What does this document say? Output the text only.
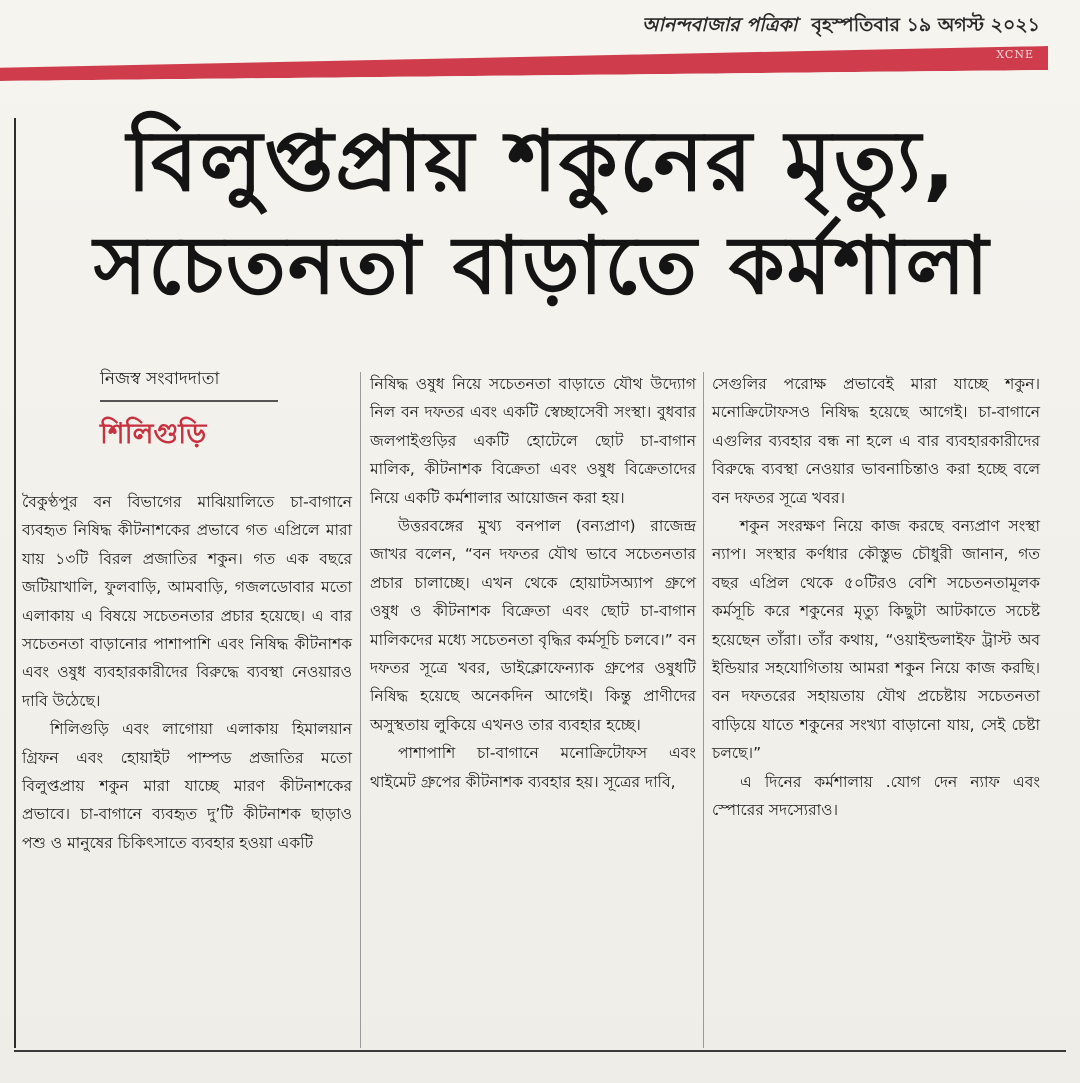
আনন্দবাজার পত্রিকা বৃহস্পতিবার ১৯ অগস্ট ২০২১
XCNE
বিলুপ্তপ্রায় শকুনের মৃত্যু,
সচেতনতা বাড়াতে কর্মশালা
নিজস্ব সংবাদদাতা
শিলিগুড়ি

বৈকুণ্ঠপুর বন বিভাগের মাঝিয়ালিতে চা-বাগানে ব্যবহৃত নিষিদ্ধ কীটনাশকের প্রভাবে গত এপ্রিলে মারা যায় ১৩টি বিরল প্রজাতির শকুন। গত এক বছরে জটিয়াখালি, ফুলবাড়ি, আমবাড়ি, গজলডোবার মতো এলাকায় এ বিষয়ে সচেতনতার প্রচার হয়েছে। এ বার সচেতনতা বাড়ানোর পাশাপাশি এবং নিষিদ্ধ কীটনাশক এবং ওষুধ ব্যবহারকারীদের বিরুদ্ধে ব্যবস্থা নেওয়ারও দাবি উঠেছে।

শিলিগুড়ি এবং লাগোয়া এলাকায় হিমালয়ান গ্রিফন এবং হোয়াইট পাম্পড প্রজাতির মতো বিলুপ্তপ্রায় শকুন মারা যাচ্ছে মারণ কীটনাশকের প্রভাবে। চা-বাগানে ব্যবহৃত দু’টি কীটনাশক ছাড়াও পশু ও মানুষের চিকিৎসাতে ব্যবহার হওয়া একটি

নিষিদ্ধ ওষুধ নিয়ে সচেতনতা বাড়াতে যৌথ উদ্যোগ নিল বন দফতর এবং একটি স্বেচ্ছাসেবী সংস্থা। বুধবার জলপাইগুড়ির একটি হোটেলে ছোট চা-বাগান মালিক, কীটনাশক বিক্রেতা এবং ওষুধ বিক্রেতাদের নিয়ে একটি কর্মশালার আয়োজন করা হয়।

উত্তরবঙ্গের মুখ্য বনপাল (বন্যপ্রাণ) রাজেন্দ্র জাখর বলেন, “বন দফতর যৌথ ভাবে সচেতনতার প্রচার চালাচ্ছে। এখন থেকে হোয়াটসঅ্যাপ গ্রুপে ওষুধ ও কীটনাশক বিক্রেতা এবং ছোট চা-বাগান মালিকদের মধ্যে সচেতনতা বৃদ্ধির কর্মসূচি চলবে।” বন দফতর সূত্রে খবর, ডাইক্লোফেন্যাক গ্রুপের ওষুধটি নিষিদ্ধ হয়েছে অনেকদিন আগেই। কিন্তু প্রাণীদের অসুস্থতায় লুকিয়ে এখনও তার ব্যবহার হচ্ছে।

পাশাপাশি চা-বাগানে মনোক্রিটোফস এবং থাইমেট গ্রুপের কীটনাশক ব্যবহার হয়। সূত্রের দাবি,

সেগুলির পরোক্ষ প্রভাবেই মারা যাচ্ছে শকুন। মনোক্রিটোফসও নিষিদ্ধ হয়েছে আগেই। চা-বাগানে এগুলির ব্যবহার বন্ধ না হলে এ বার ব্যবহারকারীদের বিরুদ্ধে ব্যবস্থা নেওয়ার ভাবনাচিন্তাও করা হচ্ছে বলে বন দফতর সূত্রে খবর।

শকুন সংরক্ষণ নিয়ে কাজ করছে বন্যপ্রাণ সংস্থা ন্যাপ। সংস্থার কর্ণধার কৌস্তুভ চৌধুরী জানান, গত বছর এপ্রিল থেকে ৫০টিরও বেশি সচেতনতামূলক কর্মসূচি করে শকুনের মৃত্যু কিছুটা আটকাতে সচেষ্ট হয়েছেন তাঁরা। তাঁর কথায়, “ওয়াইল্ডলাইফ ট্রাস্ট অব ইন্ডিয়ার সহযোগিতায় আমরা শকুন নিয়ে কাজ করছি। বন দফতরের সহায়তায় যৌথ প্রচেষ্টায় সচেতনতা বাড়িয়ে যাতে শকুনের সংখ্যা বাড়ানো যায়, সেই চেষ্টা চলছে।”

এ দিনের কর্মশালায় .যোগ দেন ন্যাফ এবং স্পোরের সদস্যেরাও।
